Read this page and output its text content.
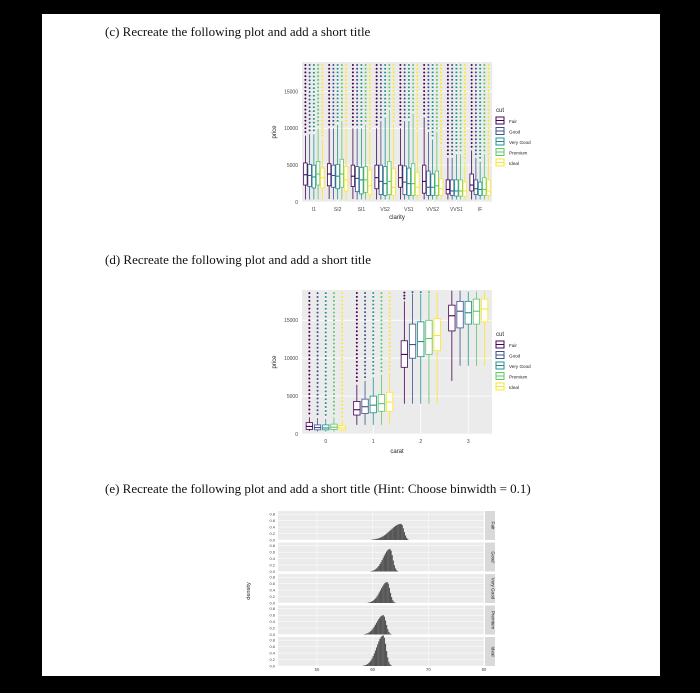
(c) Recreate the following plot and add a short title
(d) Recreate the following plot and add a short title
(e) Recreate the following plot and add a short title (Hint: Choose binwidth = 0.1)
0
5000
10000
15000
I1	SI2	SI1	VS2	VS1	VVS2 VVS1	IF
clarity
price
cut
Fair
Good
Very Good
Premium
Ideal
0
5000
10000
15000
0	1	2	3
carat
price
cut
Fair
Good
Very Good
Premium
Ideal
Fair
0.0
0.2
0.4
0.6
0.8
Good
0.0
0.2
0.4
0.6
0.8
Very Good
0.0
0.2
0.4
0.6
0.8
Premium
0.0
0.2
0.4
0.6
0.8
Ideal
0.0
0.2
0.4
0.6
0.8
50	60	70	80
density
